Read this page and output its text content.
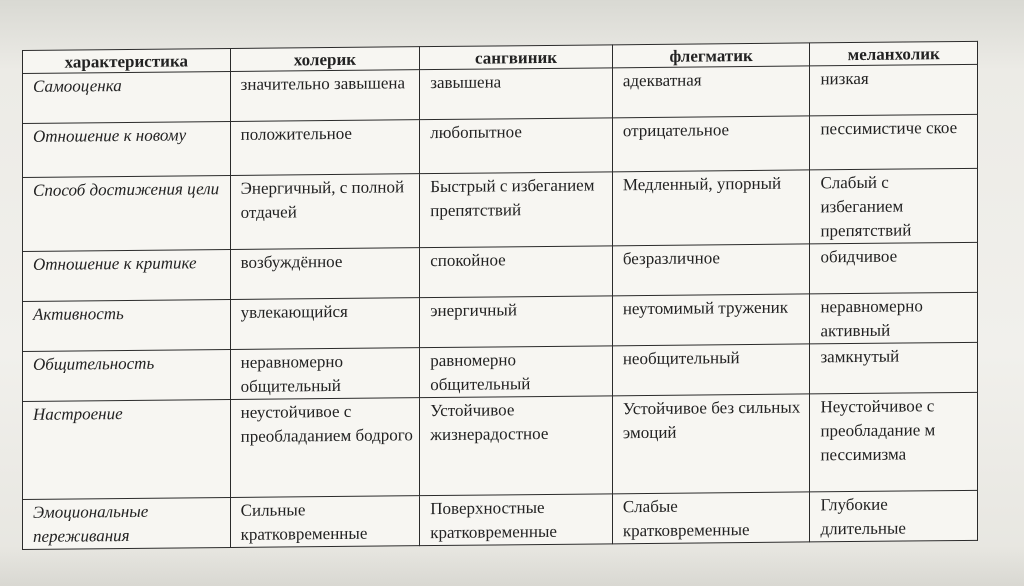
характеристика	холерик	сангвиник	флегматик	меланхолик
Самооценка	значительно завышена	завышена	адекватная	низкая
Отношение к новому	положительное	любопытное	отрицательное	пессимистиче ское
Способ достижения цели	Энергичный, с полной отдачей	Быстрый с избеганием препятствий	Медленный, упорный	Слабый с избеганием препятствий
Отношение к критике	возбуждённое	спокойное	безразличное	обидчивое
Активность	увлекающийся	энергичный	неутомимый труженик	неравномерно активный
Общительность	неравномерно общительный	равномерно общительный	необщительный	замкнутый
Настроение	неустойчивое с преобладанием бодрого	Устойчивое жизнерадостное	Устойчивое без сильных эмоций	Неустойчивое с преобладание м пессимизма
Эмоциональные переживания	Сильные кратковременные	Поверхностные кратковременные	Слабые кратковременные	Глубокие длительные
